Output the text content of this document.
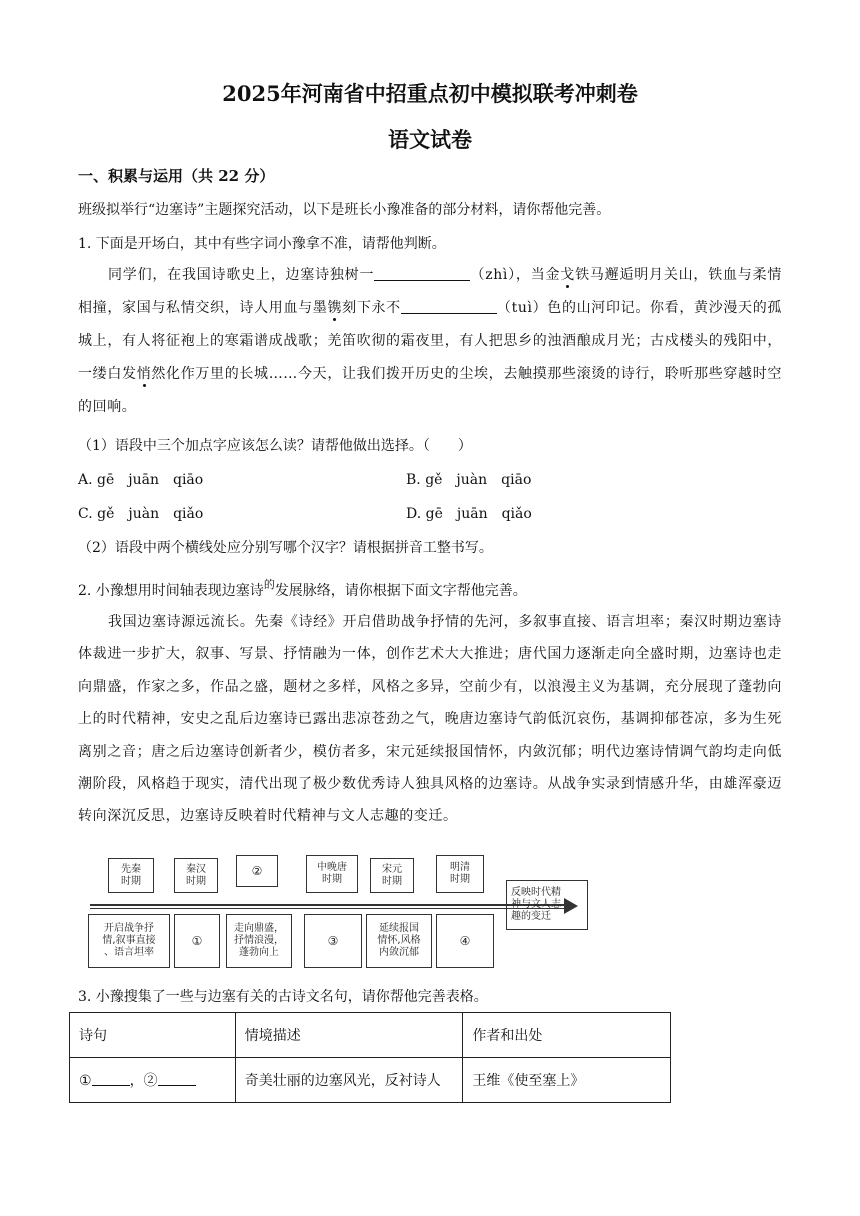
2025年河南省中招重点初中模拟联考冲刺卷
语文试卷
一、积累与运用（共 22 分）
班级拟举行“边塞诗”主题探究活动，以下是班长小豫准备的部分材料，请你帮他完善。
1. 下面是开场白，其中有些字词小豫拿不准，请帮他判断。
同学们，在我国诗歌史上，边塞诗独树一	（zhì），当金戈铁马邂逅明月关山，铁血与柔情相撞，家国与私情交织，诗人用血与墨镌刻下永不	（tuì）色的山河印记。你看，黄沙漫天的孤城上，有人将征袍上的寒霜谱成战歌；羌笛吹彻的霜夜里，有人把思乡的浊酒酿成月光；古戍楼头的残阳中，一缕白发悄然化作万里的长城……今天，让我们拨开历史的尘埃，去触摸那些滚烫的诗行，聆听那些穿越时空的回响。
（1）语段中三个加点字应该怎么读？请帮他做出选择。（　　）
A. gē　juān　qiāo	B. gě　juàn　qiāo
C. gě　juàn　qiǎo	D. gē　juān　qiǎo
（2）语段中两个横线处应分别写哪个汉字？请根据拼音工整书写。
2. 小豫想用时间轴表现边塞诗$^的$发展脉络，请你根据下面文字帮他完善。
我国边塞诗源远流长。先秦《诗经》开启借助战争抒情的先河，多叙事直接、语言坦率；秦汉时期边塞诗体裁进一步扩大，叙事、写景、抒情融为一体，创作艺术大大推进；唐代国力逐渐走向全盛时期，边塞诗也走向鼎盛，作家之多，作品之盛，题材之多样，风格之多异，空前少有，以浪漫主义为基调，充分展现了蓬勃向上的时代精神，安史之乱后边塞诗已露出悲凉苍劲之气，晚唐边塞诗气韵低沉哀伤，基调抑郁苍凉，多为生死离别之音；唐之后边塞诗创新者少，模仿者多，宋元延续报国情怀，内敛沉郁；明代边塞诗情调气韵均走向低潮阶段，风格趋于现实，清代出现了极少数优秀诗人独具风格的边塞诗。从战争实录到情感升华，由雄浑豪迈转向深沉反思，边塞诗反映着时代精神与文人志趣的变迁。
先秦
时期
秦汉
时期
②	中晚唐
时期
宋元
时期
明清
时期
反映时代精
神与文人志
趣的变迁
开启战争抒
情,叙事直接
、语言坦率
①
走向鼎盛，
抒情浪漫，
蓬勃向上
③
延续报国
情怀,风格
内敛沉郁
④
3. 小豫搜集了一些与边塞有关的古诗文名句，请你帮他完善表格。
诗句	情境描述	作者和出处
① ，②	奇美壮丽的边塞风光，反衬诗人	王维《使至塞上》
